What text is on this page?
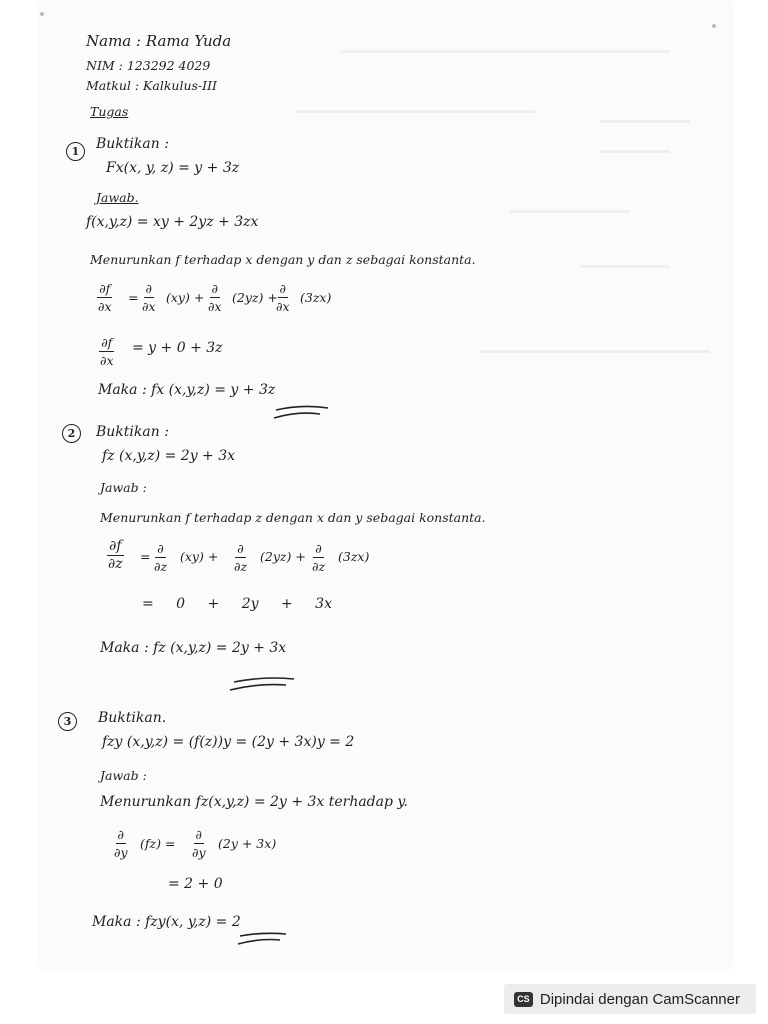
Nama : Rama Yuda
NIM : 123292 4029
Matkul : Kalkulus-III
Tugas
1	Buktikan :
Fx(x, y, z) = y + 3z
Jawab.
f(x,y,z) = xy + 2yz + 3zx
Menurunkan f terhadap x dengan y dan z sebagai konstanta.
$\frac{\partial f}{\partial x}$ =
∂
∂x
(xy) +
∂
∂x
(2yz) +
∂
∂x
(3zx)
$\frac{\partial f}{\partial x} = y + 0 + 3z$
Maka : fx (x,y,z) = y + 3z
2	Buktikan :
fz (x,y,z) = 2y + 3x
Jawab :
Menurunkan f terhadap z dengan x dan y sebagai konstanta.
$\frac{\partial f}{\partial z}$ =
∂
∂z
(xy) +
∂
∂z
(2yz) +
∂
∂z
(3zx)
= 0 + 2y + 3x
Maka : fz (x,y,z) = 2y + 3x
3	Buktikan.
fzy (x,y,z) = (f(z))y = (2y + 3x)y = 2
Jawab :
Menurunkan fz(x,y,z) = 2y + 3x terhadap y.
∂
∂y
(fz) =
∂
∂y
(2y + 3x)
= 2 + 0
Maka : fzy(x, y,z) = 2
CS Dipindai dengan CamScanner
